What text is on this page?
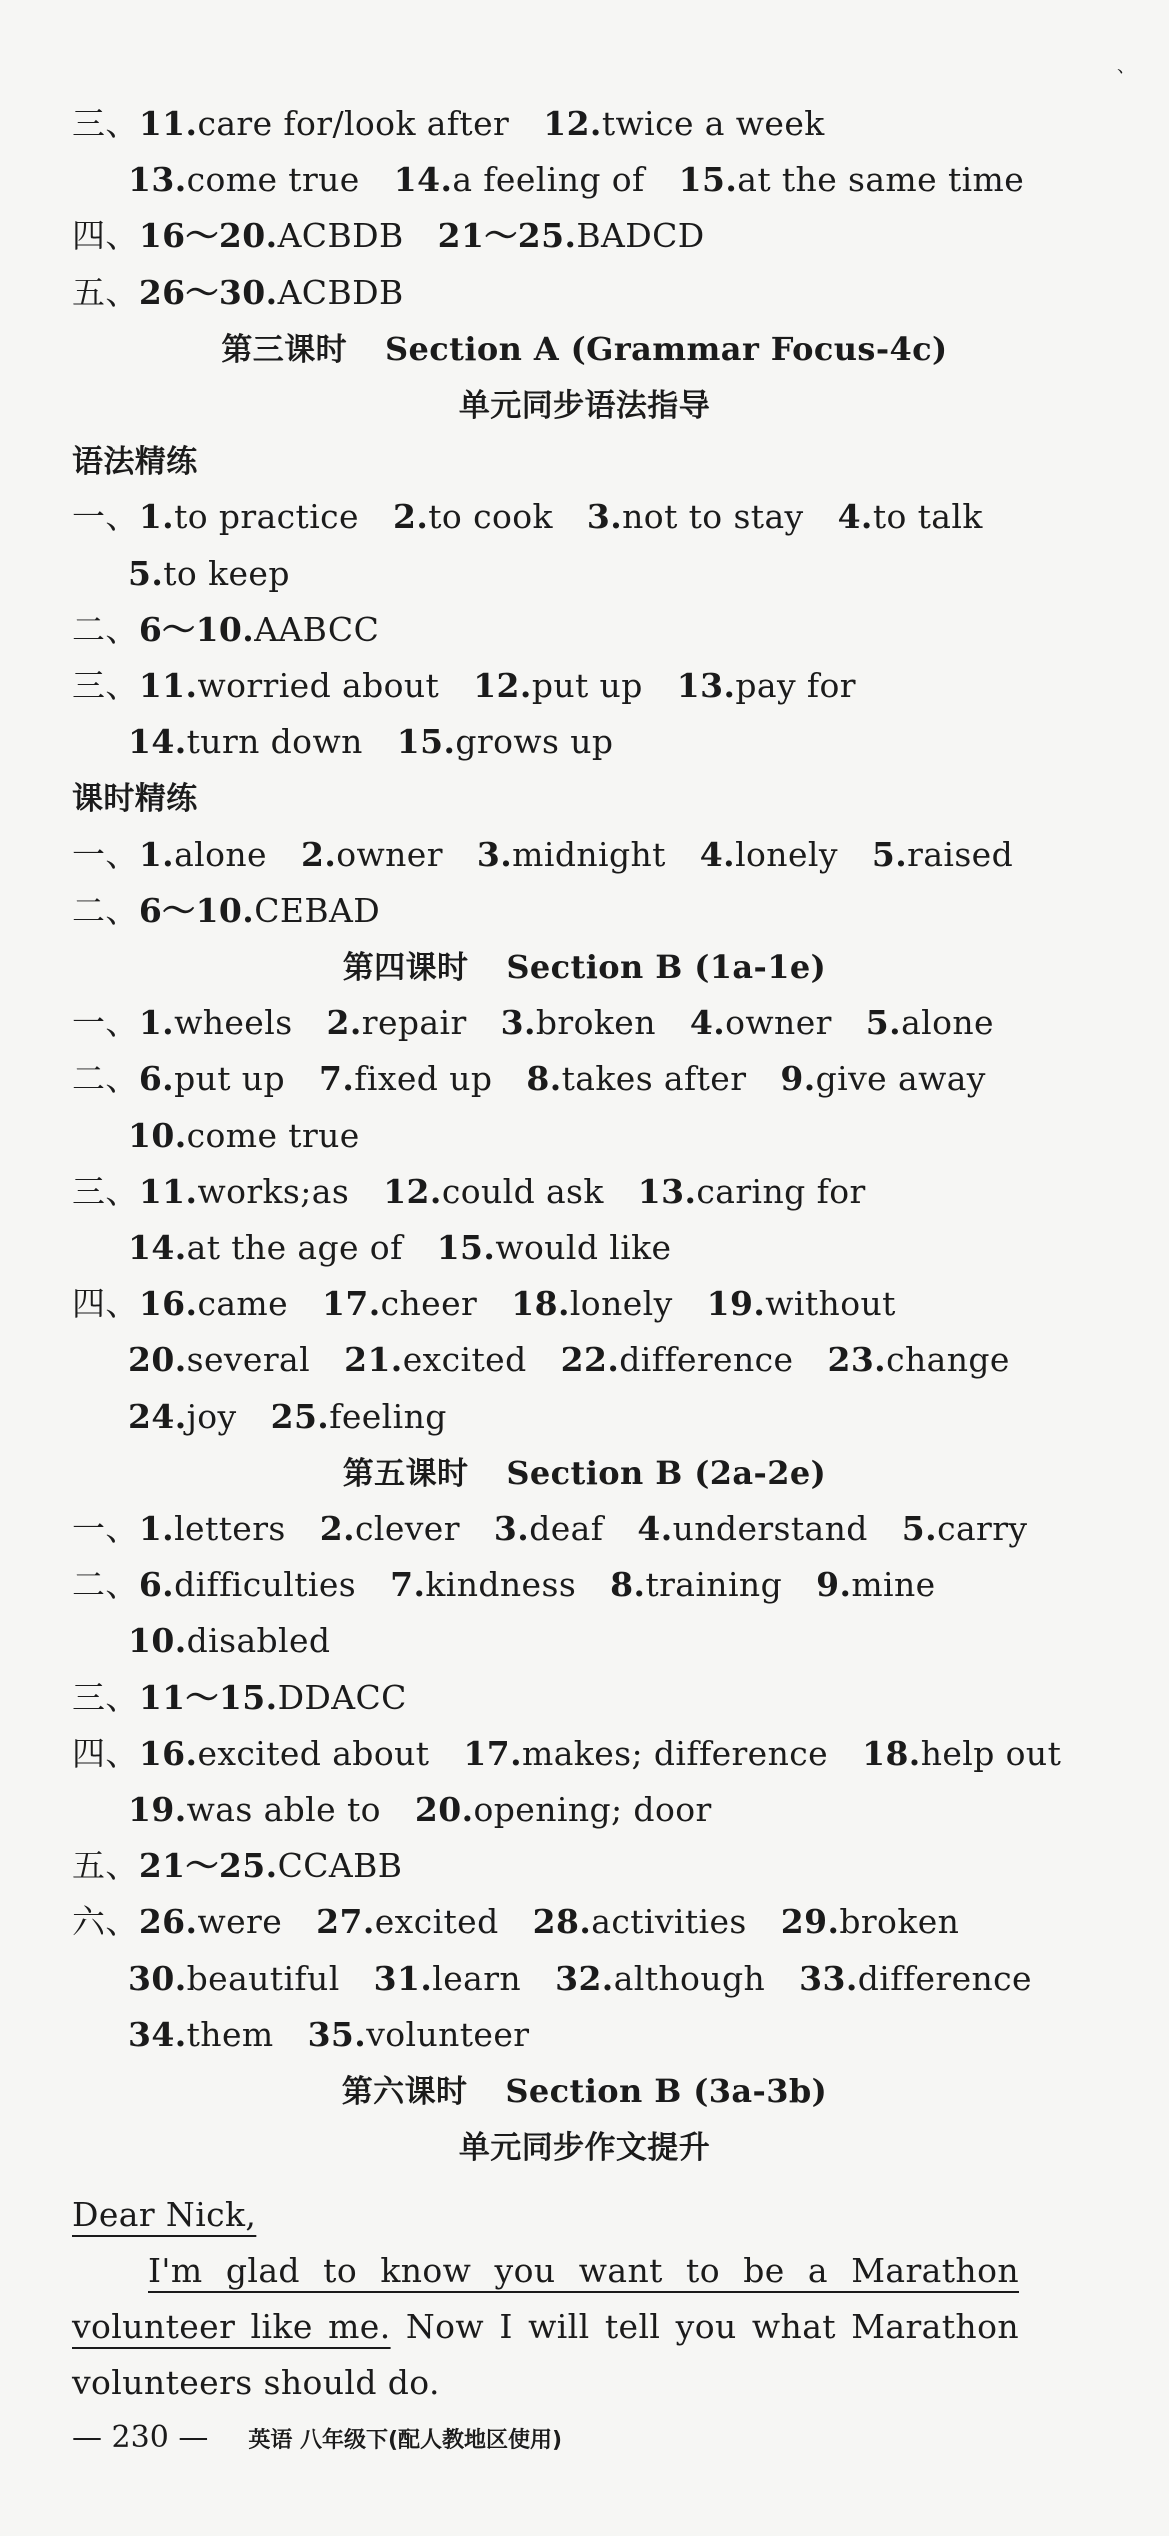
三、11.care for/look after 12.twice a week
13.come true 14.a feeling of 15.at the same time
四、16～20.ACBDB 21～25.BADCD
五、26～30.ACBDB
第三课时 Section A (Grammar Focus-4c)
单元同步语法指导
语法精练
一、1.to practice 2.to cook 3.not to stay 4.to talk
5.to keep
二、6～10.AABCC
三、11.worried about 12.put up 13.pay for
14.turn down 15.grows up
课时精练
一、1.alone 2.owner 3.midnight 4.lonely 5.raised
二、6～10.CEBAD
第四课时 Section B (1a-1e)
一、1.wheels 2.repair 3.broken 4.owner 5.alone
二、6.put up 7.fixed up 8.takes after 9.give away
10.come true
三、11.works;as 12.could ask 13.caring for
14.at the age of 15.would like
四、16.came 17.cheer 18.lonely 19.without
20.several 21.excited 22.difference 23.change
24.joy 25.feeling
第五课时 Section B (2a-2e)
一、1.letters 2.clever 3.deaf 4.understand 5.carry
二、6.difficulties 7.kindness 8.training 9.mine
10.disabled
三、11～15.DDACC
四、16.excited about 17.makes; difference 18.help out
19.was able to 20.opening; door
五、21～25.CCABB
六、26.were 27.excited 28.activities 29.broken
30.beautiful 31.learn 32.although 33.difference
34.them 35.volunteer
第六课时 Section B (3a-3b)
单元同步作文提升
Dear Nick,
I'm glad to know you want to be a Marathon
volunteer like me. Now I will tell you what Marathon
volunteers should do.
— 230 — 英语 八年级下(配人教地区使用)
、
